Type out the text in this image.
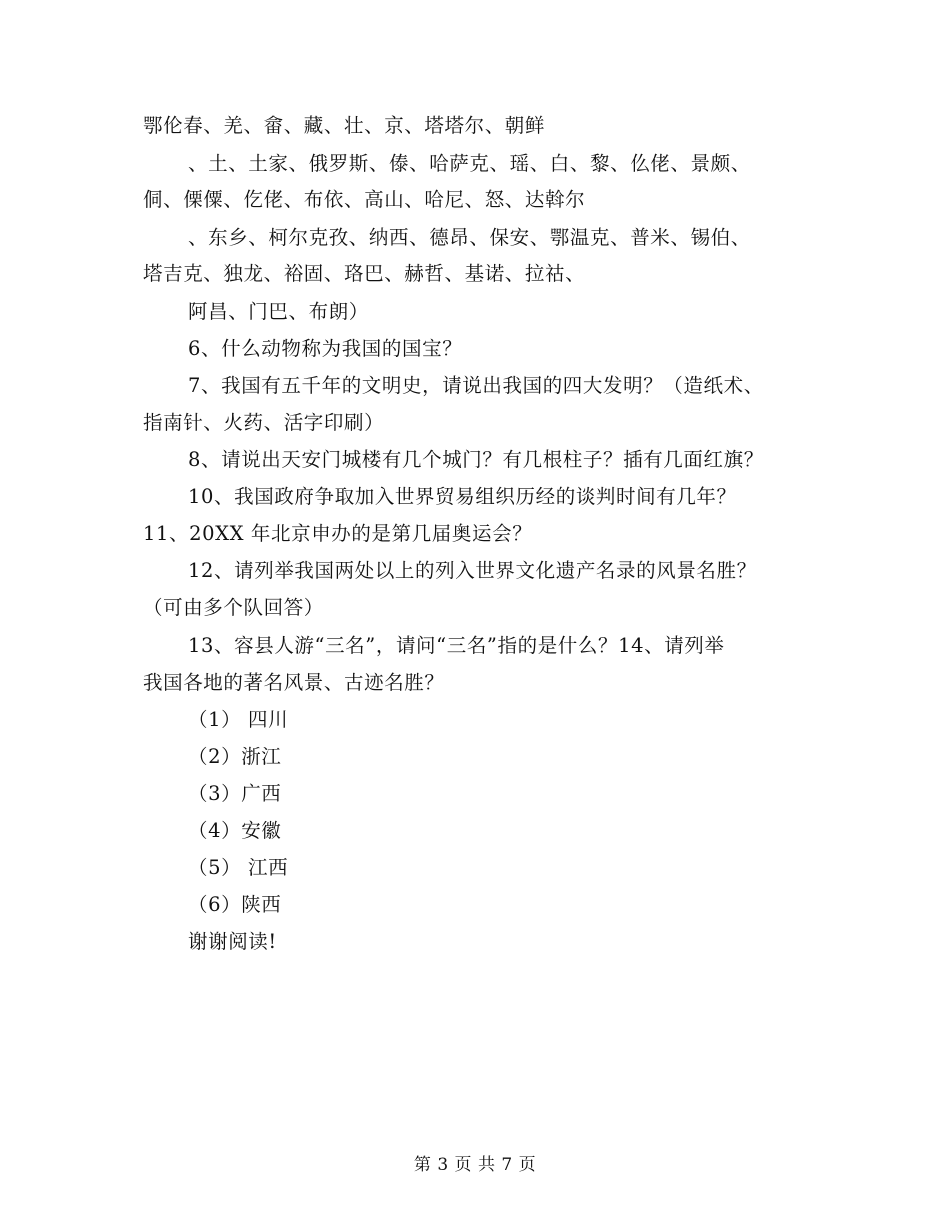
鄂伦春、羌、畲、藏、壮、京、塔塔尔、朝鲜
、土、土家、俄罗斯、傣、哈萨克、瑶、白、黎、仫佬、景颇、
侗、傈僳、仡佬、布依、高山、哈尼、怒、达斡尔
、东乡、柯尔克孜、纳西、德昂、保安、鄂温克、普米、锡伯、
塔吉克、独龙、裕固、珞巴、赫哲、基诺、拉祜、
阿昌、门巴、布朗）
6、什么动物称为我国的国宝？
7、我国有五千年的文明史，请说出我国的四大发明？（造纸术、
指南针、火药、活字印刷）
8、请说出天安门城楼有几个城门？有几根柱子？插有几面红旗？
10、我国政府争取加入世界贸易组织历经的谈判时间有几年？
11、20XX 年北京申办的是第几届奥运会？
12、请列举我国两处以上的列入世界文化遗产名录的风景名胜？
（可由多个队回答）
13、容县人游“三名”，请问“三名”指的是什么？14、请列举
我国各地的著名风景、古迹名胜？
（1） 四川
（2）浙江
（3）广西
（4）安徽
（5） 江西
（6）陕西
谢谢阅读!
第 3 页 共 7 页
